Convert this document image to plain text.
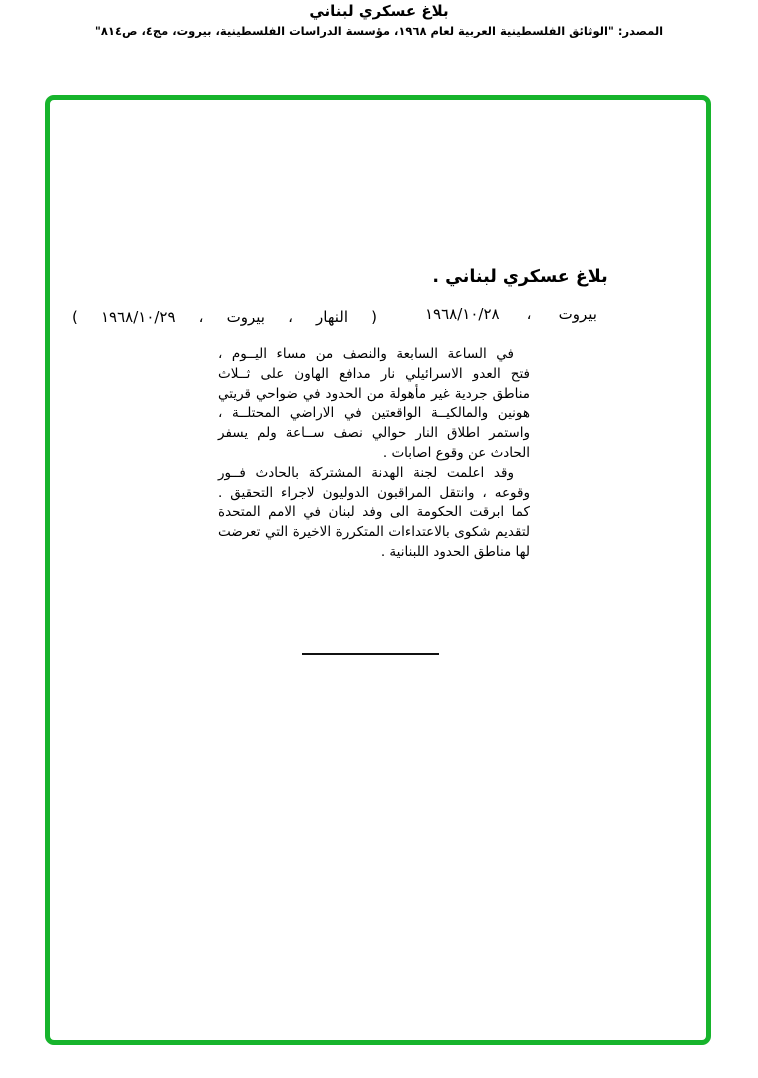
بلاغ عسكري لبناني
المصدر: "الوثائق الفلسطينية العربية لعام ١٩٦٨، مؤسسة الدراسات الفلسطينية، بيروت، مج٤، ص٨١٤"
بلاغ عسكري لبناني .
بيروت ، ١٩٦٨/١٠/٢٨
( النهار ، بيروت ، ١٩٦٨/١٠/٢٩ )
في الساعة السابعة والنصف من مساء اليــوم ،
فتح العدو الاسرائيلي نار مدافع الهاون على ثــلاث
مناطق جردية غير مأهولة من الحدود في ضواحي قريتي
هونين والمالكيــة الواقعتين في الاراضي المحتلــة ،
واستمر اطلاق النار حوالي نصف ســاعة ولم يسفر
الحادث عن وقوع اصابات .
وقد اعلمت لجنة الهدنة المشتركة بالحادث فــور
وقوعه ، وانتقل المراقبون الدوليون لاجراء التحقيق .
كما ابرقت الحكومة الى وفد لبنان في الامم المتحدة
لتقديم شكوى بالاعتداءات المتكررة الاخيرة التي تعرضت
لها مناطق الحدود اللبنانية .
